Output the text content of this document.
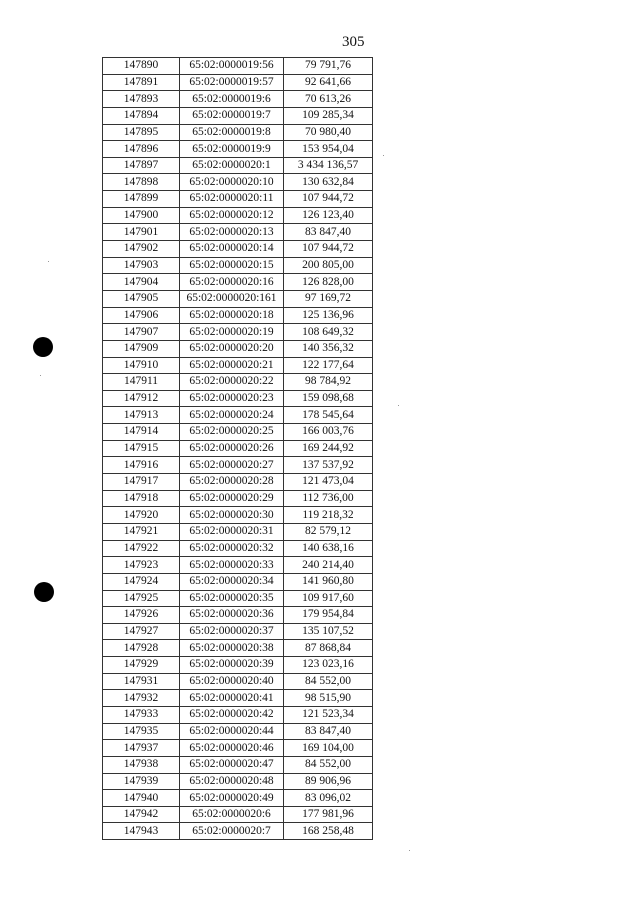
305
147890	65:02:0000019:56	79 791,76
147891	65:02:0000019:57	92 641,66
147893	65:02:0000019:6	70 613,26
147894	65:02:0000019:7	109 285,34
147895	65:02:0000019:8	70 980,40
147896	65:02:0000019:9	153 954,04
147897	65:02:0000020:1	3 434 136,57
147898	65:02:0000020:10	130 632,84
147899	65:02:0000020:11	107 944,72
147900	65:02:0000020:12	126 123,40
147901	65:02:0000020:13	83 847,40
147902	65:02:0000020:14	107 944,72
147903	65:02:0000020:15	200 805,00
147904	65:02:0000020:16	126 828,00
147905	65:02:0000020:161	97 169,72
147906	65:02:0000020:18	125 136,96
147907	65:02:0000020:19	108 649,32
147909	65:02:0000020:20	140 356,32
147910	65:02:0000020:21	122 177,64
147911	65:02:0000020:22	98 784,92
147912	65:02:0000020:23	159 098,68
147913	65:02:0000020:24	178 545,64
147914	65:02:0000020:25	166 003,76
147915	65:02:0000020:26	169 244,92
147916	65:02:0000020:27	137 537,92
147917	65:02:0000020:28	121 473,04
147918	65:02:0000020:29	112 736,00
147920	65:02:0000020:30	119 218,32
147921	65:02:0000020:31	82 579,12
147922	65:02:0000020:32	140 638,16
147923	65:02:0000020:33	240 214,40
147924	65:02:0000020:34	141 960,80
147925	65:02:0000020:35	109 917,60
147926	65:02:0000020:36	179 954,84
147927	65:02:0000020:37	135 107,52
147928	65:02:0000020:38	87 868,84
147929	65:02:0000020:39	123 023,16
147931	65:02:0000020:40	84 552,00
147932	65:02:0000020:41	98 515,90
147933	65:02:0000020:42	121 523,34
147935	65:02:0000020:44	83 847,40
147937	65:02:0000020:46	169 104,00
147938	65:02:0000020:47	84 552,00
147939	65:02:0000020:48	89 906,96
147940	65:02:0000020:49	83 096,02
147942	65:02:0000020:6	177 981,96
147943	65:02:0000020:7	168 258,48
